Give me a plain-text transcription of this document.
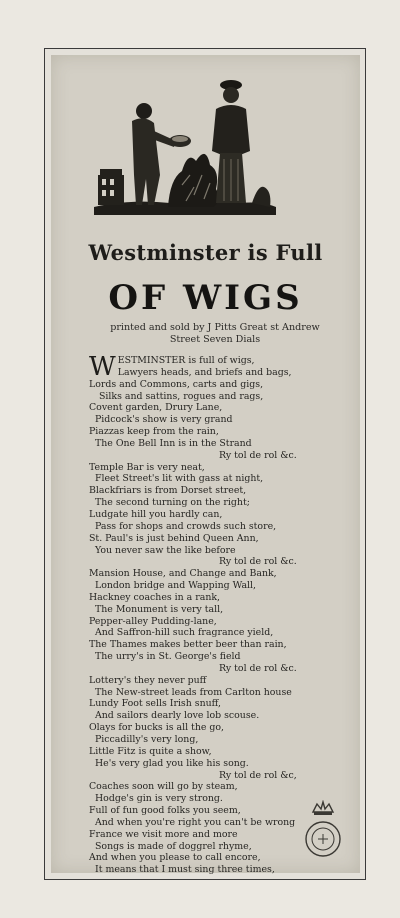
Westminster is Full
OF WIGS
printed and sold by J Pitts Great st Andrew
Street Seven Dials
WESTMINSTER is full of wigs,
Lawyers heads, and briefs and bags,
Lords and Commons, carts and gigs,
Silks and sattins, rogues and rags,
Covent garden, Drury Lane,
Pidcock's show is very grand
Piazzas keep from the rain,
The One Bell Inn is in the Strand
Ry tol de rol &c.
Temple Bar is very neat,
Fleet Street's lit with gass at night,
Blackfriars is from Dorset street,
The second turning on the right;
Ludgate hill you hardly can,
Pass for shops and crowds such store,
St. Paul's is just behind Queen Ann,
You never saw the like before
Ry tol de rol &c.
Mansion House, and Change and Bank,
London bridge and Wapping Wall,
Hackney coaches in a rank,
The Monument is very tall,
Pepper-alley Pudding-lane,
And Saffron-hill such fragrance yield,
The Thames makes better beer than rain,
The urry's in St. George's field
Ry tol de rol &c.
Lottery's they never puff
The New-street leads from Carlton house
Lundy Foot sells Irish snuff,
And sailors dearly love lob scouse.
Olays for bucks is all the go,
Piccadilly's very long,
Little Fitz is quite a show,
He's very glad you like his song.
Ry tol de rol &c,
Coaches soon will go by steam,
Hodge's gin is very strong.
Full of fun good folks you seem,
And when you're right you can't be wrong
France we visit more and more
Songs is made of doggrel rhyme,
And when you please to call encore,
It means that I must sing three times,
